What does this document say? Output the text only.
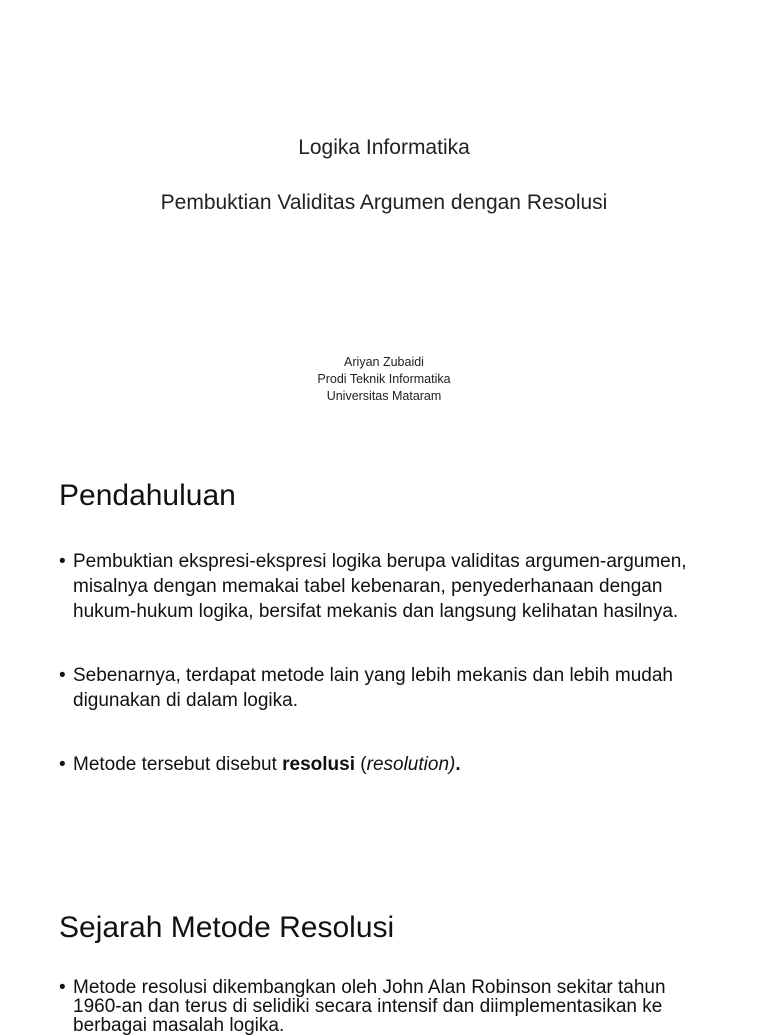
Logika Informatika
Pembuktian Validitas Argumen dengan Resolusi
Ariyan Zubaidi
Prodi Teknik Informatika
Universitas Mataram
Pendahuluan
• Pembuktian ekspresi-ekspresi logika berupa validitas argumen-argumen, misalnya dengan memakai tabel kebenaran, penyederhanaan dengan hukum-hukum logika, bersifat mekanis dan langsung kelihatan hasilnya.
• Sebenarnya, terdapat metode lain yang lebih mekanis dan lebih mudah digunakan di dalam logika.
• Metode tersebut disebut resolusi (resolution).
Sejarah Metode Resolusi
• Metode resolusi dikembangkan oleh John Alan Robinson sekitar tahun 1960-an dan terus di selidiki secara intensif dan diimplementasikan ke berbagai masalah logika.
